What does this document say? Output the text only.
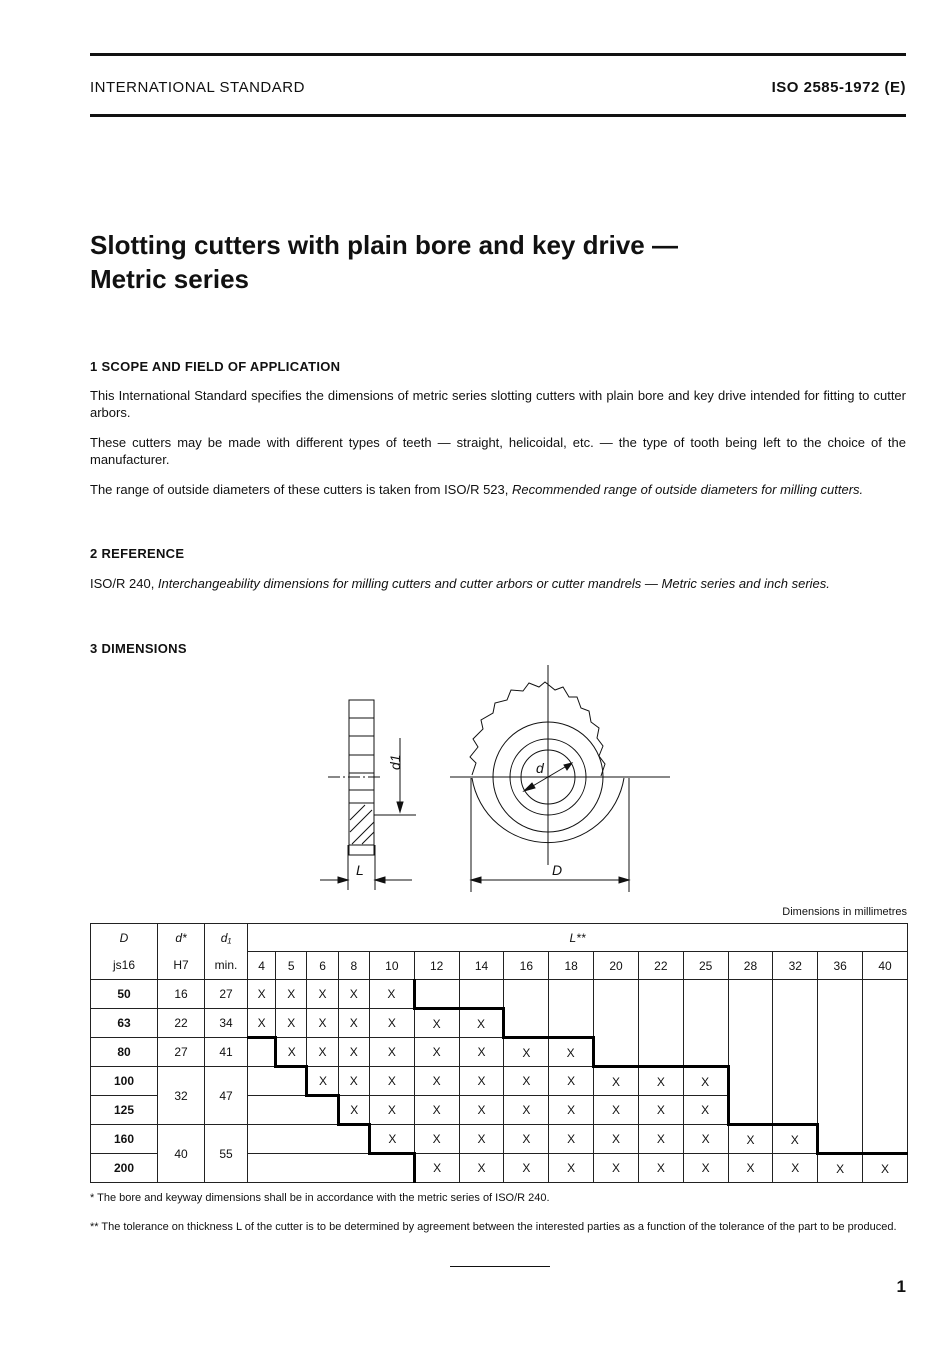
INTERNATIONAL STANDARD	ISO 2585-1972 (E)
Slotting cutters with plain bore and key drive —
Metric series
1 SCOPE AND FIELD OF APPLICATION
This International Standard specifies the dimensions of metric series slotting cutters with plain bore and key drive intended for fitting to cutter arbors.
These cutters may be made with different types of teeth — straight, helicoidal, etc. — the type of tooth being left to the choice of the manufacturer.
The range of outside diameters of these cutters is taken from ISO/R 523, Recommended range of outside diameters for milling cutters.
2 REFERENCE
ISO/R 240, Interchangeability dimensions for milling cutters and cutter arbors or cutter mandrels — Metric series and inch series.
3 DIMENSIONS
d1
L
d
D
Dimensions in millimetres
D	d*	d₁	L**															
js16	H7	min.	4	5	6	8	10	12	14	16	18	20	22	25	28	32	36	40
50	16	27	X	X	X	X	X											
63	22	34	X	X	X	X	X	X	X									
80	27	41		X	X	X	X	X	X	X	X							
100	32	47			X	X	X	X	X	X	X	X	X	X				
125						X	X	X	X	X	X	X	X	X				
160	40	55					X	X	X	X	X	X	X	X	X	X		
200								X	X	X	X	X	X	X	X	X	X	X
* The bore and keyway dimensions shall be in accordance with the metric series of ISO/R 240.
** The tolerance on thickness L of the cutter is to be determined by agreement between the interested parties as a function of the tolerance of the part to be produced.
1
